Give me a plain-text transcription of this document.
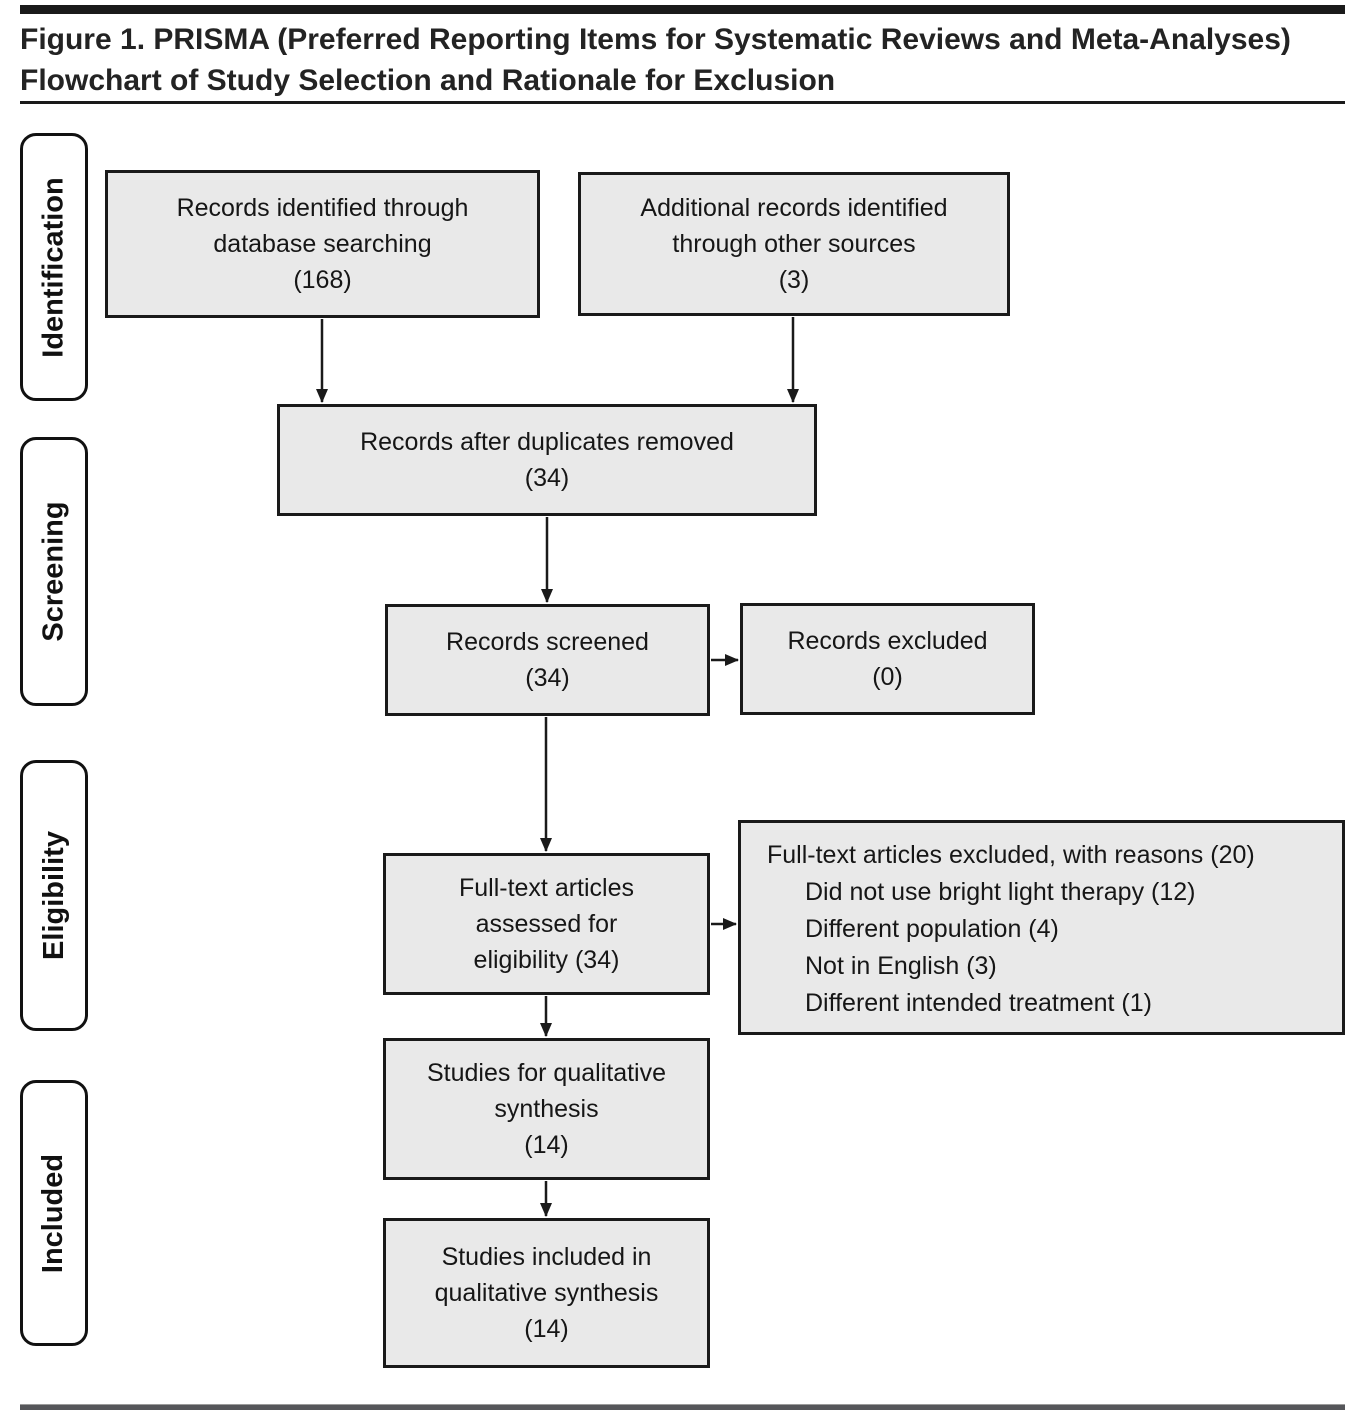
Figure 1. PRISMA (Preferred Reporting Items for Systematic Reviews and Meta-Analyses) Flowchart of Study Selection and Rationale for Exclusion
Identification
Screening
Eligibility
Included
Records identified through
database searching
(168)
Additional records identified
through other sources
(3)
Records after duplicates removed
(34)
Records screened
(34)
Records excluded
(0)
Full-text articles
assessed for
eligibility (34)
Full-text articles excluded, with reasons (20)
Did not use bright light therapy (12)
Different population (4)
Not in English (3)
Different intended treatment (1)
Studies for qualitative
synthesis
(14)
Studies included in
qualitative synthesis
(14)
